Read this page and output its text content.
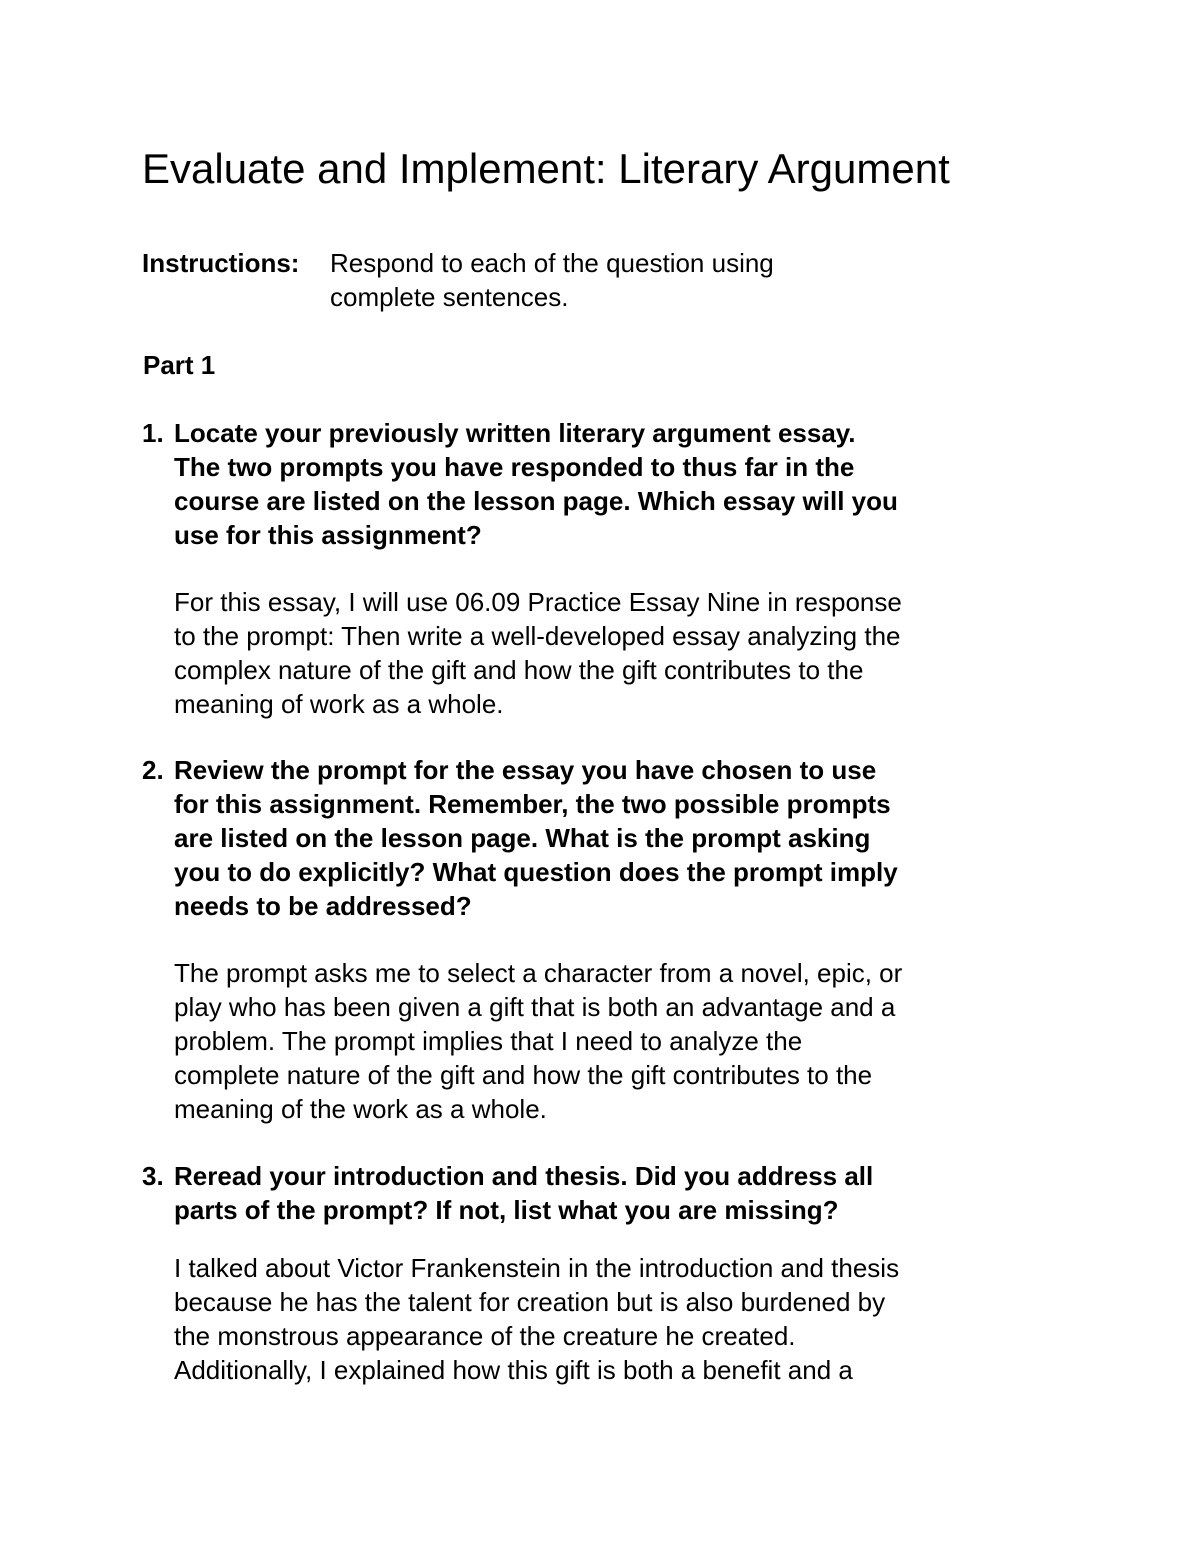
Evaluate and Implement: Literary Argument
Instructions: Respond to each of the question using
complete sentences.
Part 1

1. Locate your previously written literary argument essay.
The two prompts you have responded to thus far in the
course are listed on the lesson page. Which essay will you
use for this assignment?

For this essay, I will use 06.09 Practice Essay Nine in response
to the prompt: Then write a well-developed essay analyzing the
complex nature of the gift and how the gift contributes to the
meaning of work as a whole.

2. Review the prompt for the essay you have chosen to use
for this assignment. Remember, the two possible prompts
are listed on the lesson page. What is the prompt asking
you to do explicitly? What question does the prompt imply
needs to be addressed?

The prompt asks me to select a character from a novel, epic, or
play who has been given a gift that is both an advantage and a
problem. The prompt implies that I need to analyze the
complete nature of the gift and how the gift contributes to the
meaning of the work as a whole.

3. Reread your introduction and thesis. Did you address all
parts of the prompt? If not, list what you are missing?

I talked about Victor Frankenstein in the introduction and thesis
because he has the talent for creation but is also burdened by
the monstrous appearance of the creature he created.
Additionally, I explained how this gift is both a benefit and a
